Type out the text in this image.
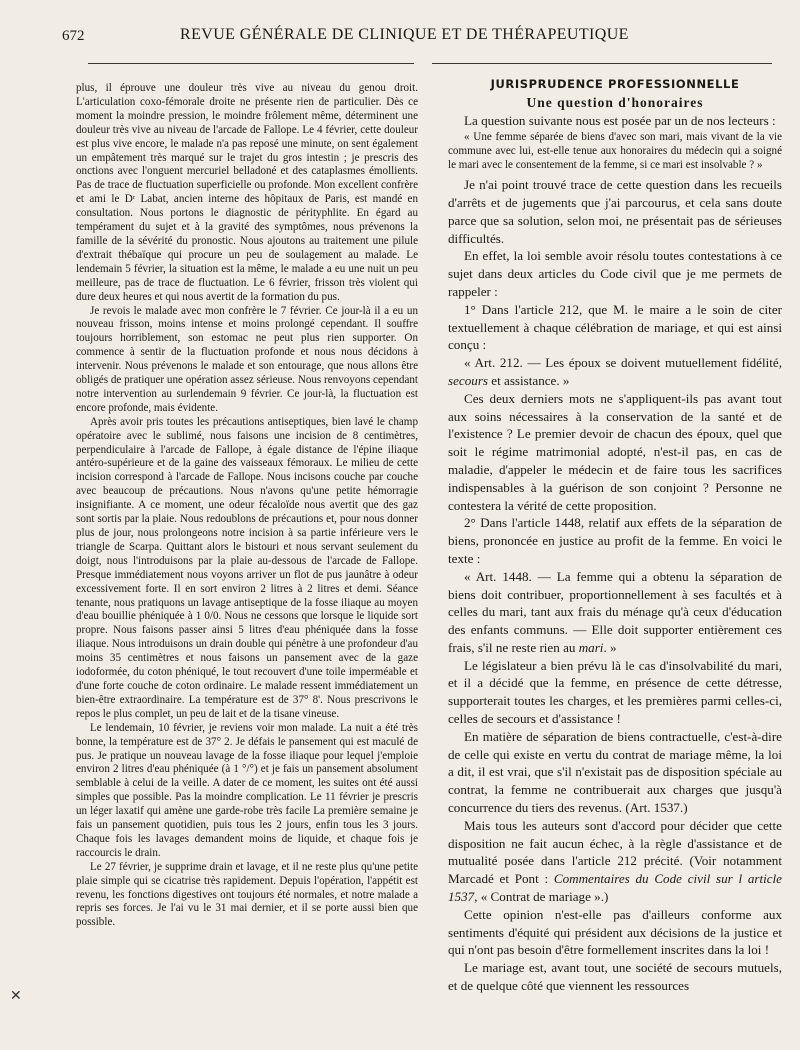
672	REVUE GÉNÉRALE DE CLINIQUE ET DE THÉRAPEUTIQUE

plus, il éprouve une douleur très vive au niveau du genou droit. L'articulation coxo-fémorale droite ne présente rien de particulier. Dès ce moment la moindre pression, le moindre frôlement même, déterminent une douleur très vive au niveau de l'arcade de Fallope. Le 4 février, cette douleur est plus vive encore, le malade n'a pas reposé une minute, on sent également un empâtement très marqué sur le trajet du gros intestin ; je prescris des onctions avec l'onguent mercuriel belladoné et des cataplasmes émollients. Pas de trace de fluctuation superficielle ou profonde. Mon excellent confrère et ami le Dʳ Labat, ancien interne des hôpitaux de Paris, est mandé en consultation. Nous portons le diagnostic de pérityphlite. En égard au tempérament du sujet et à la gravité des symptômes, nous prévenons la famille de la sévérité du pronostic. Nous ajoutons au traitement une pilule d'extrait thébaïque qui procure un peu de soulagement au malade. Le lendemain 5 février, la situation est la même, le malade a eu une nuit un peu meilleure, pas de trace de fluctuation. Le 6 février, frisson très violent qui dure deux heures et qui nous avertit de la formation du pus.

Je revois le malade avec mon confrère le 7 février. Ce jour-là il a eu un nouveau frisson, moins intense et moins prolongé cependant. Il souffre toujours horriblement, son estomac ne peut plus rien supporter. On commence à sentir de la fluctuation profonde et nous nous décidons à intervenir. Nous prévenons le malade et son entourage, que nous allons être obligés de pratiquer une opération assez sérieuse. Nous renvoyons cependant notre intervention au surlendemain 9 février. Ce jour-là, la fluctuation est encore profonde, mais évidente.

Après avoir pris toutes les précautions antiseptiques, bien lavé le champ opératoire avec le sublimé, nous faisons une incision de 8 centimètres, perpendiculaire à l'arcade de Fallope, à égale distance de l'épine iliaque antéro-supérieure et de la gaine des vaisseaux fémoraux. Le milieu de cette incision correspond à l'arcade de Fallope. Nous incisons couche par couche avec beaucoup de précautions. Nous n'avons qu'une petite hémorragie insignifiante. A ce moment, une odeur fécaloïde nous avertit que des gaz sont sortis par la plaie. Nous redoublons de précautions et, pour nous donner plus de jour, nous prolongeons notre incision à sa partie inférieure vers le triangle de Scarpa. Quittant alors le bistouri et nous servant seulement du doigt, nous l'introduisons par la plaie au-dessous de l'arcade de Fallope. Presque immédiatement nous voyons arriver un flot de pus jaunâtre à odeur excessivement forte. Il en sort environ 2 litres à 2 litres et demi. Séance tenante, nous pratiquons un lavage antiseptique de la fosse iliaque au moyen d'eau bouillie phéniquée à 1 0/0. Nous ne cessons que lorsque le liquide sort propre. Nous faisons passer ainsi 5 litres d'eau phéniquée dans la fosse iliaque. Nous introduisons un drain double qui pénètre à une profondeur d'au moins 35 centimètres et nous faisons un pansement avec de la gaze iodoformée, du coton phéniqué, le tout recouvert d'une toile imperméable et d'une forte couche de coton ordinaire. Le malade ressent immédiatement un bien-être extraordinaire. La température est de 37° 8'. Nous prescrivons le repos le plus complet, un peu de lait et de la tisane vineuse.

Le lendemain, 10 février, je reviens voir mon malade. La nuit a été très bonne, la température est de 37° 2. Je défais le pansement qui est maculé de pus. Je pratique un nouveau lavage de la fosse iliaque pour lequel j'emploie environ 2 litres d'eau phéniquée (à 1 °/°) et je fais un pansement absolument semblable à celui de la veille. A dater de ce moment, les suites ont été aussi simples que possible. Pas la moindre complication. Le 11 février je prescris un léger laxatif qui amène une garde-robe très facile La première semaine je fais un pansement quotidien, puis tous les 2 jours, enfin tous les 3 jours. Chaque fois les lavages demandent moins de liquide, et chaque fois je raccourcis le drain.

Le 27 février, je supprime drain et lavage, et il ne reste plus qu'une petite plaie simple qui se cicatrise très rapidement. Depuis l'opération, l'appétit est revenu, les fonctions digestives ont toujours été normales, et notre malade a repris ses forces. Je l'ai vu le 31 mai dernier, et il se porte aussi bien que possible.

JURISPRUDENCE PROFESSIONNELLE

Une question d'honoraires

La question suivante nous est posée par un de nos lecteurs :

« Une femme séparée de biens d'avec son mari, mais vivant de la vie commune avec lui, est-elle tenue aux honoraires du médecin qui a soigné le mari avec le consentement de la femme, si ce mari est insolvable ? »

Je n'ai point trouvé trace de cette question dans les recueils d'arrêts et de jugements que j'ai parcourus, et cela sans doute parce que sa solution, selon moi, ne présentait pas de sérieuses difficultés.

En effet, la loi semble avoir résolu toutes contestations à ce sujet dans deux articles du Code civil que je me permets de rappeler :

1° Dans l'article 212, que M. le maire a le soin de citer textuellement à chaque célébration de mariage, et qui est ainsi conçu :

« Art. 212. — Les époux se doivent mutuellement fidélité, secours et assistance. »

Ces deux derniers mots ne s'appliquent-ils pas avant tout aux soins nécessaires à la conservation de la santé et de l'existence ? Le premier devoir de chacun des époux, quel que soit le régime matrimonial adopté, n'est-il pas, en cas de maladie, d'appeler le médecin et de faire tous les sacrifices indispensables à la guérison de son conjoint ? Personne ne contestera la vérité de cette proposition.

2° Dans l'article 1448, relatif aux effets de la séparation de biens, prononcée en justice au profit de la femme. En voici le texte :

« Art. 1448. — La femme qui a obtenu la séparation de biens doit contribuer, proportionnellement à ses facultés et à celles du mari, tant aux frais du ménage qu'à ceux d'éducation des enfants communs. — Elle doit supporter entièrement ces frais, s'il ne reste rien au mari. »

Le législateur a bien prévu là le cas d'insolvabilité du mari, et il a décidé que la femme, en présence de cette détresse, supporterait toutes les charges, et les premières parmi celles-ci, celles de secours et d'assistance !

En matière de séparation de biens contractuelle, c'est-à-dire de celle qui existe en vertu du contrat de mariage même, la loi a dit, il est vrai, que s'il n'existait pas de disposition spéciale au contrat, la femme ne contribuerait aux charges que jusqu'à concurrence du tiers des revenus. (Art. 1537.)

Mais tous les auteurs sont d'accord pour décider que cette disposition ne fait aucun échec, à la règle d'assistance et de mutualité posée dans l'article 212 précité. (Voir notamment Marcadé et Pont : Commentaires du Code civil sur l article 1537, « Contrat de mariage ».)

Cette opinion n'est-elle pas d'ailleurs conforme aux sentiments d'équité qui président aux décisions de la justice et qui n'ont pas besoin d'être formellement inscrites dans la loi !

Le mariage est, avant tout, une société de secours mutuels, et de quelque côté que viennent les ressources

✕
